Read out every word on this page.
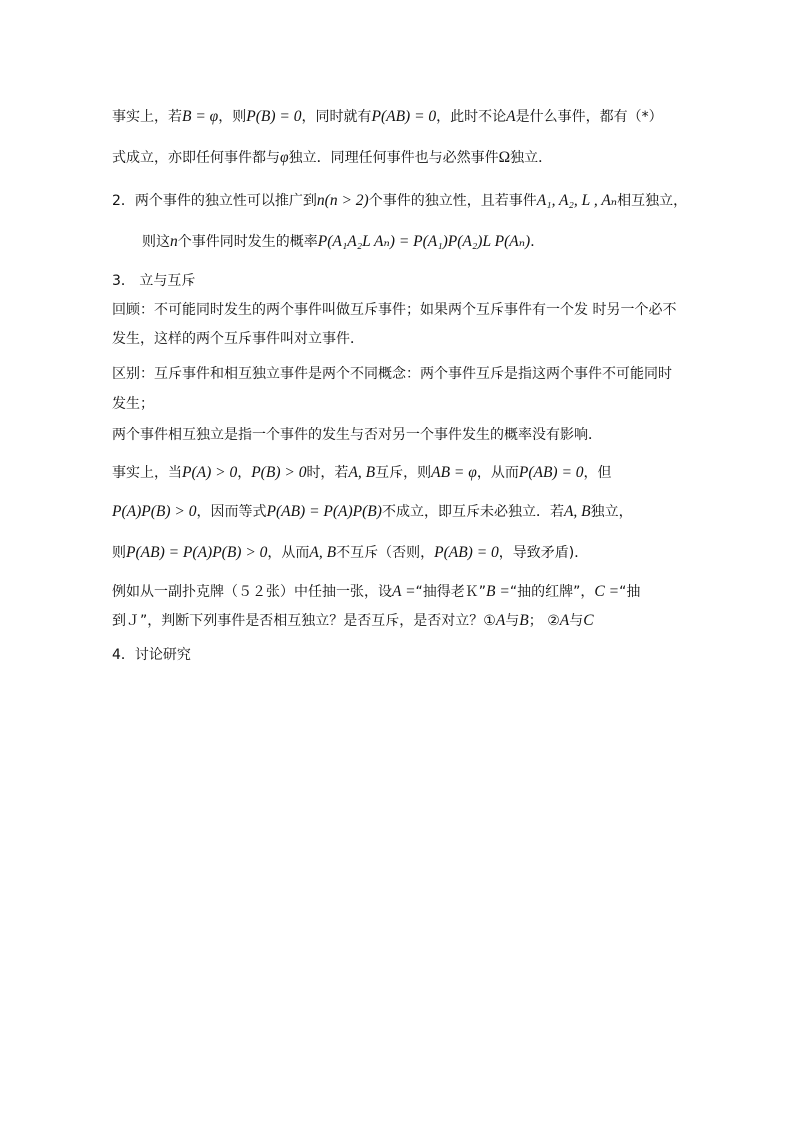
事实上，若B = φ，则P(B) = 0，同时就有P(AB) = 0，此时不论A是什么事件，都有（*）
式成立，亦即任何事件都与φ独立．同理任何事件也与必然事件Ω独立．
2．两个事件的独立性可以推广到n(n > 2)个事件的独立性，且若事件A₁, A₂, L , Aₙ相互独立，
则这n个事件同时发生的概率P(A₁A₂L Aₙ) = P(A₁)P(A₂)L P(Aₙ)．
3． 立与互斥
回顾：不可能同时发生的两个事件叫做互斥事件；如果两个互斥事件有一个发 时另一个必不
发生，这样的两个互斥事件叫对立事件．
区别：互斥事件和相互独立事件是两个不同概念：两个事件互斥是指这两个事件不可能同时
发生；
两个事件相互独立是指一个事件的发生与否对另一个事件发生的概率没有影响．
事实上，当P(A) > 0，P(B) > 0时，若A, B互斥，则AB = φ，从而P(AB) = 0，但
P(A)P(B) > 0，因而等式P(AB) = P(A)P(B)不成立，即互斥未必独立．若A, B独立，
则P(AB) = P(A)P(B) > 0，从而A, B不互斥（否则，P(AB) = 0，导致矛盾)．
例如从一副扑克牌（５２张）中任抽一张，设A =“抽得老Ｋ”B =“抽的红牌”，C =“抽
到Ｊ”，判断下列事件是否相互独立？是否互斥，是否对立？①A与B； ②A与C
4．讨论研究
